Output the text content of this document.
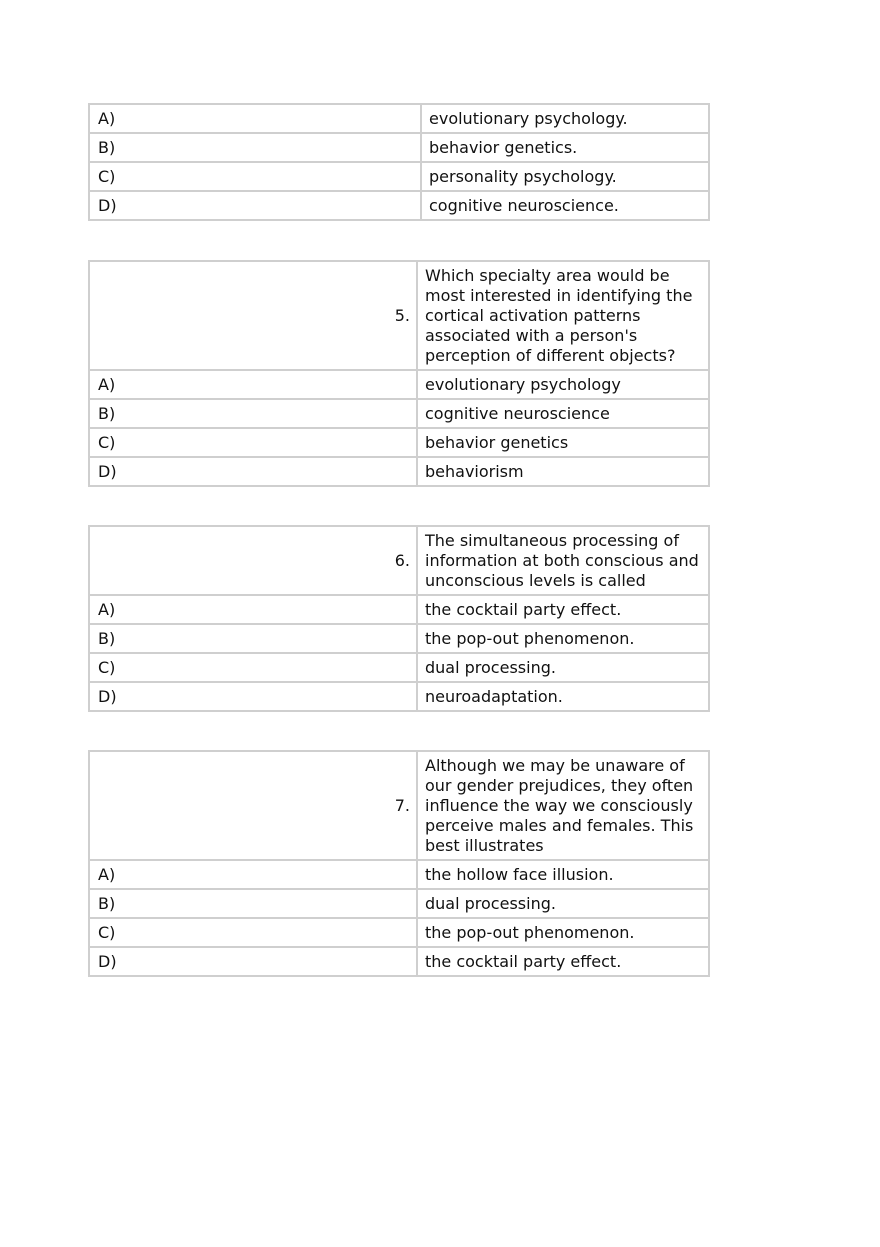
A)	evolutionary psychology.
B)	behavior genetics.
C)	personality psychology.
D)	cognitive neuroscience.
5.	Which specialty area would be most interested in identifying the cortical activation patterns associated with a person's perception of different objects?
A)	evolutionary psychology
B)	cognitive neuroscience
C)	behavior genetics
D)	behaviorism
6.	The simultaneous processing of information at both conscious and unconscious levels is called
A)	the cocktail party effect.
B)	the pop-out phenomenon.
C)	dual processing.
D)	neuroadaptation.
7.	Although we may be unaware of our gender prejudices, they often influence the way we consciously perceive males and females. This best illustrates
A)	the hollow face illusion.
B)	dual processing.
C)	the pop-out phenomenon.
D)	the cocktail party effect.
